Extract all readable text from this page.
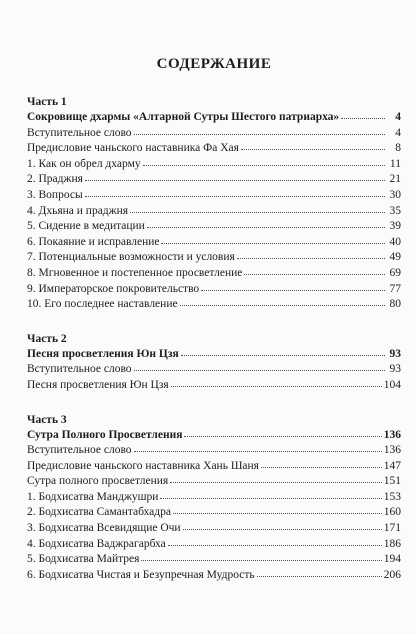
СОДЕРЖАНИЕ
Часть 1
Сокровище дхармы «Алтарной Сутры Шестого патриарха»	4
Вступительное слово	4
Предисловие чаньского наставника Фа Хая	8
1. Как он обрел дхарму	11
2. Праджня	21
3. Вопросы	30
4. Дхьяна и праджня	35
5. Сидение в медитации	39
6. Покаяние и исправление	40
7. Потенциальные возможности и условия	49
8. Мгновенное и постепенное просветление	69
9. Императорское покровительство	77
10. Его последнее наставление	80
Часть 2
Песня просветления Юн Цзя	93
Вступительное слово	93
Песня просветления Юн Цзя	104
Часть 3
Сутра Полного Просветления	136
Вступительное слово	136
Предисловие чаньского наставника Хань Шаня	147
Сутра полного просветления	151
1. Бодхисатва Манджушри	153
2. Бодхисатва Самантабхадра	160
3. Бодхисатва Всевидящие Очи	171
4. Бодхисатва Ваджрагарбха	186
5. Бодхисатва Майтрея	194
6. Бодхисатва Чистая и Безупречная Мудрость	206
